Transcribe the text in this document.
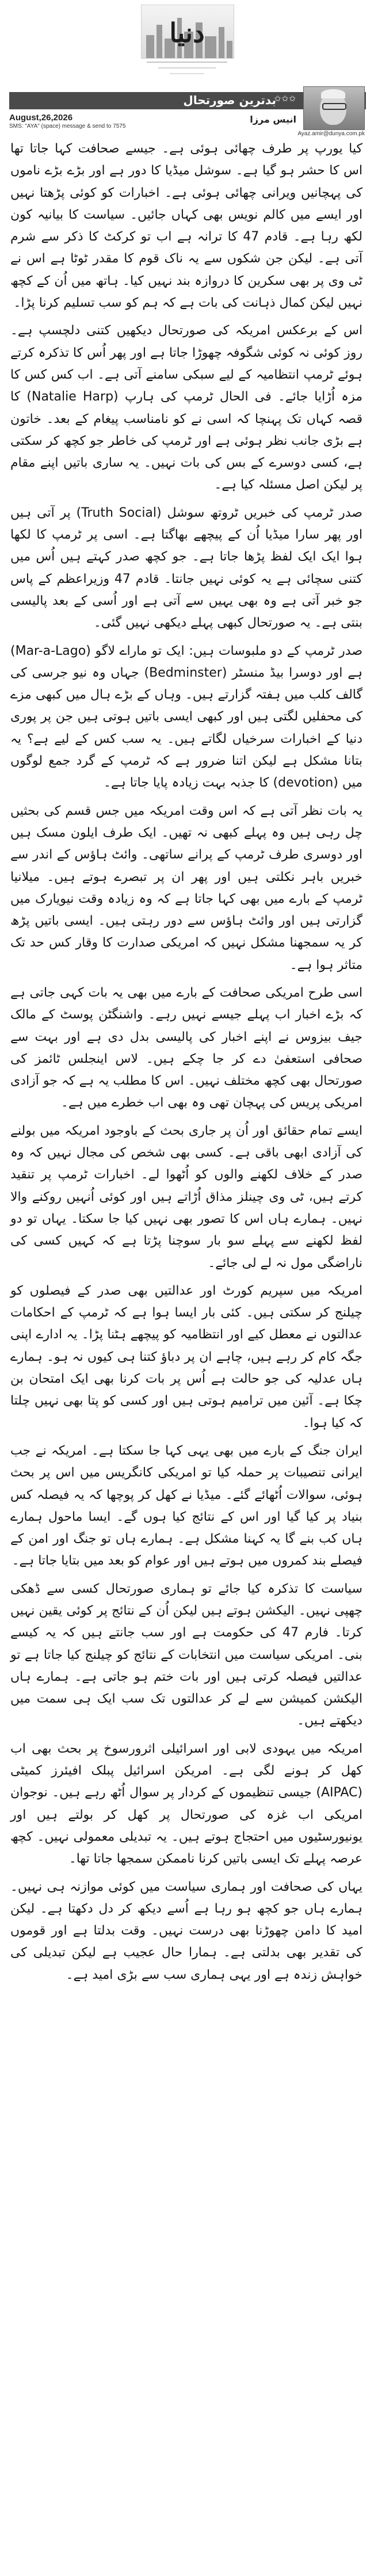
دنیا
بدترین صورتحال
✩✩✩
انیس مرزا
August,26,2026
SMS: "AYA" (space) message & send to 7575
Ayaz.amir@dunya.com.pk

کیا یورپ پر طرف چھائی ہوئی ہے۔ جیسے صحافت کہا جاتا تھا اس کا حشر ہو گیا ہے۔ سوشل میڈیا کا دور ہے اور بڑے بڑے ناموں کی پہچانیں ویرانی چھائی ہوئی ہے۔ اخبارات کو کوئی پڑھتا نہیں اور ایسے میں کالم نویس بھی کہاں جائیں۔ سیاست کا بیانیہ کون لکھ رہا ہے۔ قادم 47 کا ترانہ ہے اب تو کرکٹ کا ذکر سے شرم آتی ہے۔ لیکن جن شکوں سے یہ ناک قوم کا مقدر ٹوٹا ہے اس نے ٹی وی پر بھی سکرین کا دروازہ بند نہیں کیا۔ ہاتھ میں اُن کے کچھ نہیں لیکن کمال ذہانت کی بات ہے کہ ہم کو سب تسلیم کرنا پڑا۔

اس کے برعکس امریکہ کی صورتحال دیکھیں کتنی دلچسپ ہے۔ روز کوئی نہ کوئی شگوفہ چھوڑا جاتا ہے اور پھر اُس کا تذکرہ کرتے ہوئے ٹرمپ انتظامیہ کے لیے سبکی سامنے آتی ہے۔ اب کس کس کا مزہ اُڑایا جائے۔ فی الحال ٹرمپ کی ہارپ (Natalie Harp) کا قصہ کہاں تک پہنچا کہ اسی نے کو نامناسب پیغام کے بعد۔ خاتون ہے بڑی جانب نظر ہوئی ہے اور ٹرمپ کی خاطر جو کچھ کر سکتی ہے، کسی دوسرے کے بس کی بات نہیں۔ یہ ساری باتیں اپنے مقام پر لیکن اصل مسئلہ کیا ہے۔

صدر ٹرمپ کی خبریں ٹروتھ سوشل (Truth Social) پر آتی ہیں اور پھر سارا میڈیا اُن کے پیچھے بھاگتا ہے۔ اسی پر ٹرمپ کا لکھا ہوا ایک ایک لفظ پڑھا جاتا ہے۔ جو کچھ صدر کہتے ہیں اُس میں کتنی سچائی ہے یہ کوئی نہیں جانتا۔ قادم 47 وزیراعظم کے پاس جو خبر آتی ہے وہ بھی یہیں سے آتی ہے اور اُسی کے بعد پالیسی بنتی ہے۔ یہ صورتحال کبھی پہلے دیکھی نہیں گئی۔

صدر ٹرمپ کے دو ملبوسات ہیں: ایک تو ماراے لاگو (Mar-a-Lago) ہے اور دوسرا بیڈ منسٹر (Bedminster) جہاں وہ نیو جرسی کی گالف کلب میں ہفتہ گزارتے ہیں۔ وہاں کے بڑے ہال میں کبھی مزے کی محفلیں لگتی ہیں اور کبھی ایسی باتیں ہوتی ہیں جن پر پوری دنیا کے اخبارات سرخیاں لگاتے ہیں۔ یہ سب کس کے لیے ہے؟ یہ بتانا مشکل ہے لیکن اتنا ضرور ہے کہ ٹرمپ کے گرد جمع لوگوں میں (devotion) کا جذبہ بہت زیادہ پایا جاتا ہے۔

یہ بات نظر آتی ہے کہ اس وقت امریکہ میں جس قسم کی بحثیں چل رہی ہیں وہ پہلے کبھی نہ تھیں۔ ایک طرف ایلون مسک ہیں اور دوسری طرف ٹرمپ کے پرانے ساتھی۔ وائٹ ہاؤس کے اندر سے خبریں باہر نکلتی ہیں اور پھر ان پر تبصرے ہوتے ہیں۔ میلانیا ٹرمپ کے بارے میں بھی کہا جاتا ہے کہ وہ زیادہ وقت نیویارک میں گزارتی ہیں اور وائٹ ہاؤس سے دور رہتی ہیں۔ ایسی باتیں پڑھ کر یہ سمجھنا مشکل نہیں کہ امریکی صدارت کا وقار کس حد تک متاثر ہوا ہے۔

اسی طرح امریکی صحافت کے بارے میں بھی یہ بات کہی جاتی ہے کہ بڑے اخبار اب پہلے جیسے نہیں رہے۔ واشنگٹن پوسٹ کے مالک جیف بیزوس نے اپنے اخبار کی پالیسی بدل دی ہے اور بہت سے صحافی استعفیٰ دے کر جا چکے ہیں۔ لاس اینجلس ٹائمز کی صورتحال بھی کچھ مختلف نہیں۔ اس کا مطلب یہ ہے کہ جو آزادی امریکی پریس کی پہچان تھی وہ بھی اب خطرے میں ہے۔

ایسے تمام حقائق اور اُن پر جاری بحث کے باوجود امریکہ میں بولنے کی آزادی ابھی باقی ہے۔ کسی بھی شخص کی مجال نہیں کہ وہ صدر کے خلاف لکھنے والوں کو اُٹھوا لے۔ اخبارات ٹرمپ پر تنقید کرتے ہیں، ٹی وی چینلز مذاق اُڑاتے ہیں اور کوئی اُنہیں روکنے والا نہیں۔ ہمارے ہاں اس کا تصور بھی نہیں کیا جا سکتا۔ یہاں تو دو لفظ لکھنے سے پہلے سو بار سوچنا پڑتا ہے کہ کہیں کسی کی ناراضگی مول نہ لے لی جائے۔

امریکہ میں سپریم کورٹ اور عدالتیں بھی صدر کے فیصلوں کو چیلنج کر سکتی ہیں۔ کئی بار ایسا ہوا ہے کہ ٹرمپ کے احکامات عدالتوں نے معطل کیے اور انتظامیہ کو پیچھے ہٹنا پڑا۔ یہ ادارے اپنی جگہ کام کر رہے ہیں، چاہے ان پر دباؤ کتنا ہی کیوں نہ ہو۔ ہمارے ہاں عدلیہ کی جو حالت ہے اُس پر بات کرنا بھی ایک امتحان بن چکا ہے۔ آئین میں ترامیم ہوتی ہیں اور کسی کو پتا بھی نہیں چلتا کہ کیا ہوا۔

ایران جنگ کے بارے میں بھی یہی کہا جا سکتا ہے۔ امریکہ نے جب ایرانی تنصیبات پر حملہ کیا تو امریکی کانگریس میں اس پر بحث ہوئی، سوالات اُٹھائے گئے۔ میڈیا نے کھل کر پوچھا کہ یہ فیصلہ کس بنیاد پر کیا گیا اور اس کے نتائج کیا ہوں گے۔ ایسا ماحول ہمارے ہاں کب بنے گا یہ کہنا مشکل ہے۔ ہمارے ہاں تو جنگ اور امن کے فیصلے بند کمروں میں ہوتے ہیں اور عوام کو بعد میں بتایا جاتا ہے۔

سیاست کا تذکرہ کیا جائے تو ہماری صورتحال کسی سے ڈھکی چھپی نہیں۔ الیکشن ہوتے ہیں لیکن اُن کے نتائج پر کوئی یقین نہیں کرتا۔ فارم 47 کی حکومت ہے اور سب جانتے ہیں کہ یہ کیسے بنی۔ امریکی سیاست میں انتخابات کے نتائج کو چیلنج کیا جاتا ہے تو عدالتیں فیصلہ کرتی ہیں اور بات ختم ہو جاتی ہے۔ ہمارے ہاں الیکشن کمیشن سے لے کر عدالتوں تک سب ایک ہی سمت میں دیکھتے ہیں۔

امریکہ میں یہودی لابی اور اسرائیلی اثرورسوخ پر بحث بھی اب کھل کر ہونے لگی ہے۔ امریکن اسرائیل پبلک افیئرز کمیٹی (AIPAC) جیسی تنظیموں کے کردار پر سوال اُٹھ رہے ہیں۔ نوجوان امریکی اب غزہ کی صورتحال پر کھل کر بولتے ہیں اور یونیورسٹیوں میں احتجاج ہوتے ہیں۔ یہ تبدیلی معمولی نہیں۔ کچھ عرصہ پہلے تک ایسی باتیں کرنا ناممکن سمجھا جاتا تھا۔

یہاں کی صحافت اور ہماری سیاست میں کوئی موازنہ ہی نہیں۔ ہمارے ہاں جو کچھ ہو رہا ہے اُسے دیکھ کر دل دکھتا ہے۔ لیکن امید کا دامن چھوڑنا بھی درست نہیں۔ وقت بدلتا ہے اور قوموں کی تقدیر بھی بدلتی ہے۔ ہمارا حال عجیب ہے لیکن تبدیلی کی خواہش زندہ ہے اور یہی ہماری سب سے بڑی امید ہے۔
